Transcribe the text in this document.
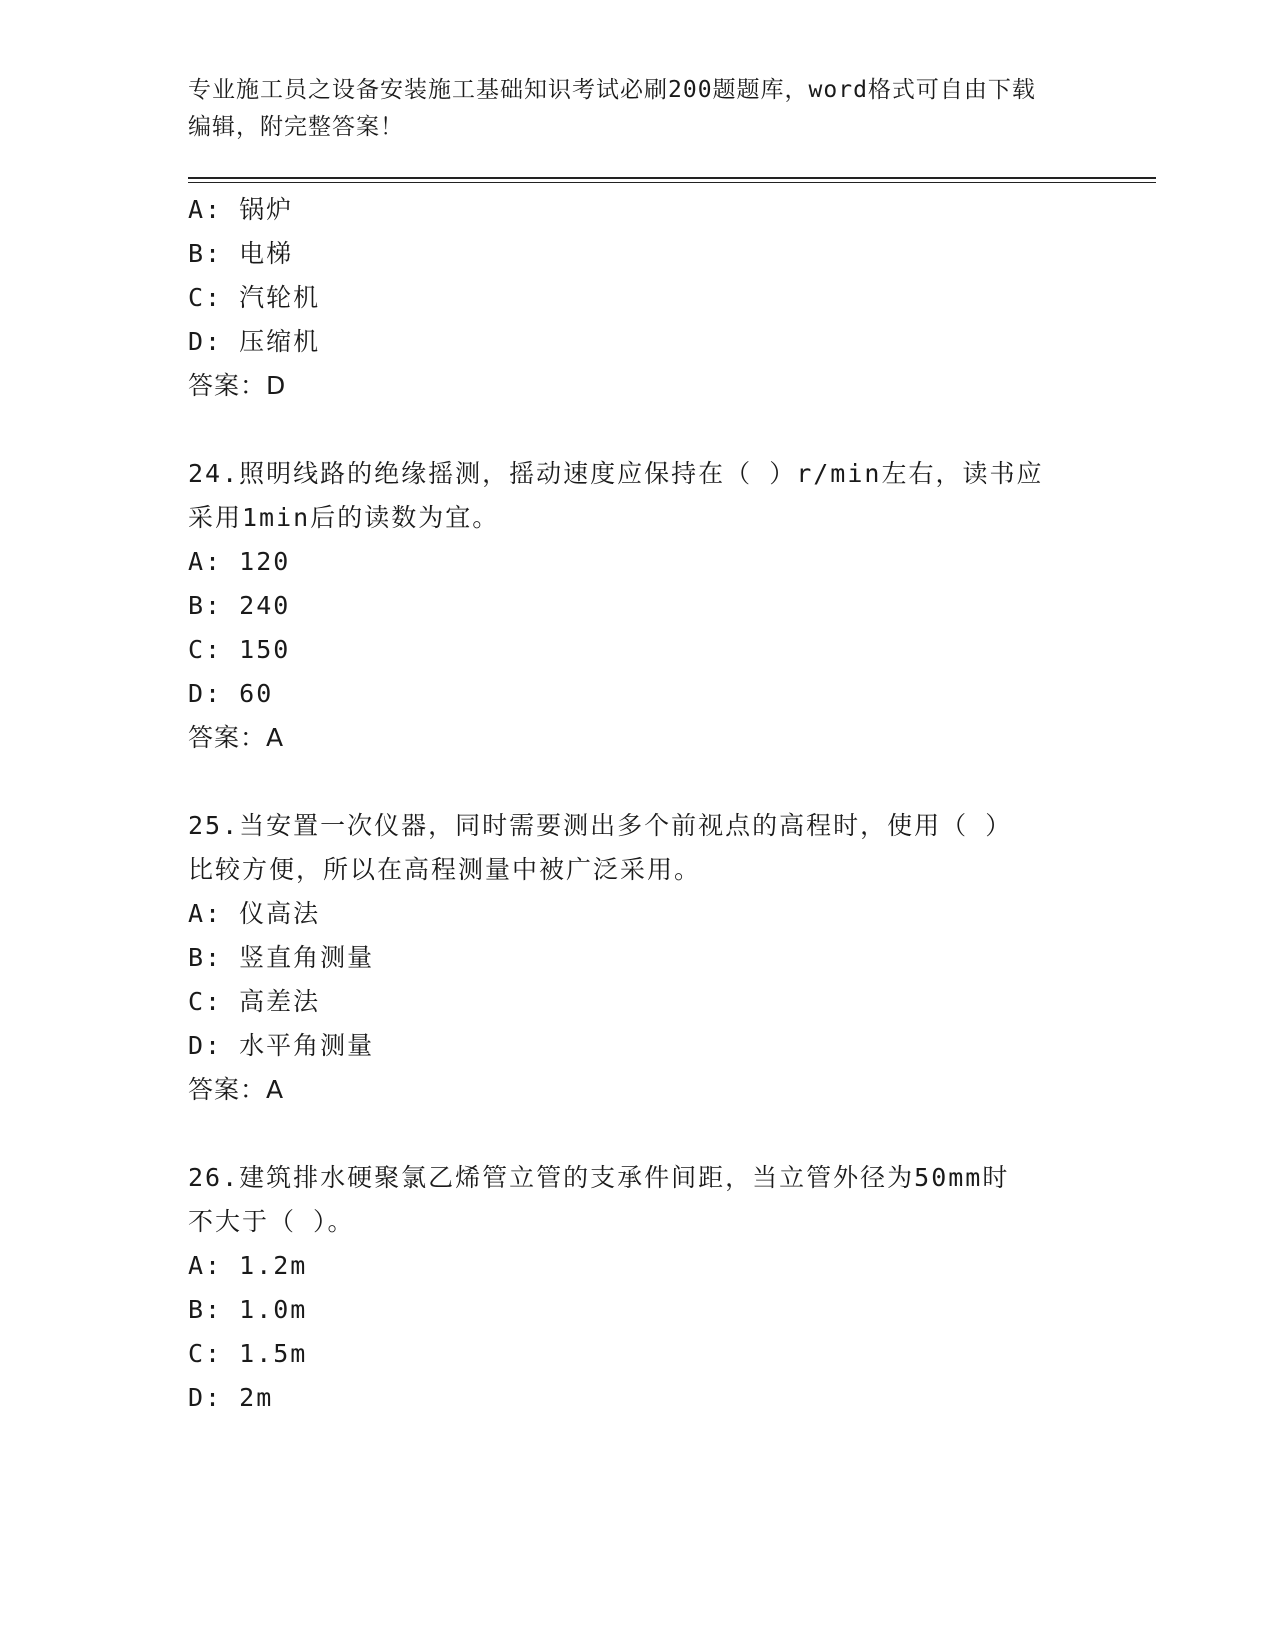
专业施工员之设备安装施工基础知识考试必刷200题题库，word格式可自由下载
编辑，附完整答案！
A: 锅炉
B: 电梯
C: 汽轮机
D: 压缩机
答案：D
24.照明线路的绝缘摇测，摇动速度应保持在（ ）r/min左右，读书应
采用1min后的读数为宜。
A: 120
B: 240
C: 150
D: 60
答案：A
25.当安置一次仪器，同时需要测出多个前视点的高程时，使用（ ）
比较方便，所以在高程测量中被广泛采用。
A: 仪高法
B: 竖直角测量
C: 高差法
D: 水平角测量
答案：A
26.建筑排水硬聚氯乙烯管立管的支承件间距，当立管外径为50mm时
不大于（ ）。
A: 1.2m
B: 1.0m
C: 1.5m
D: 2m
